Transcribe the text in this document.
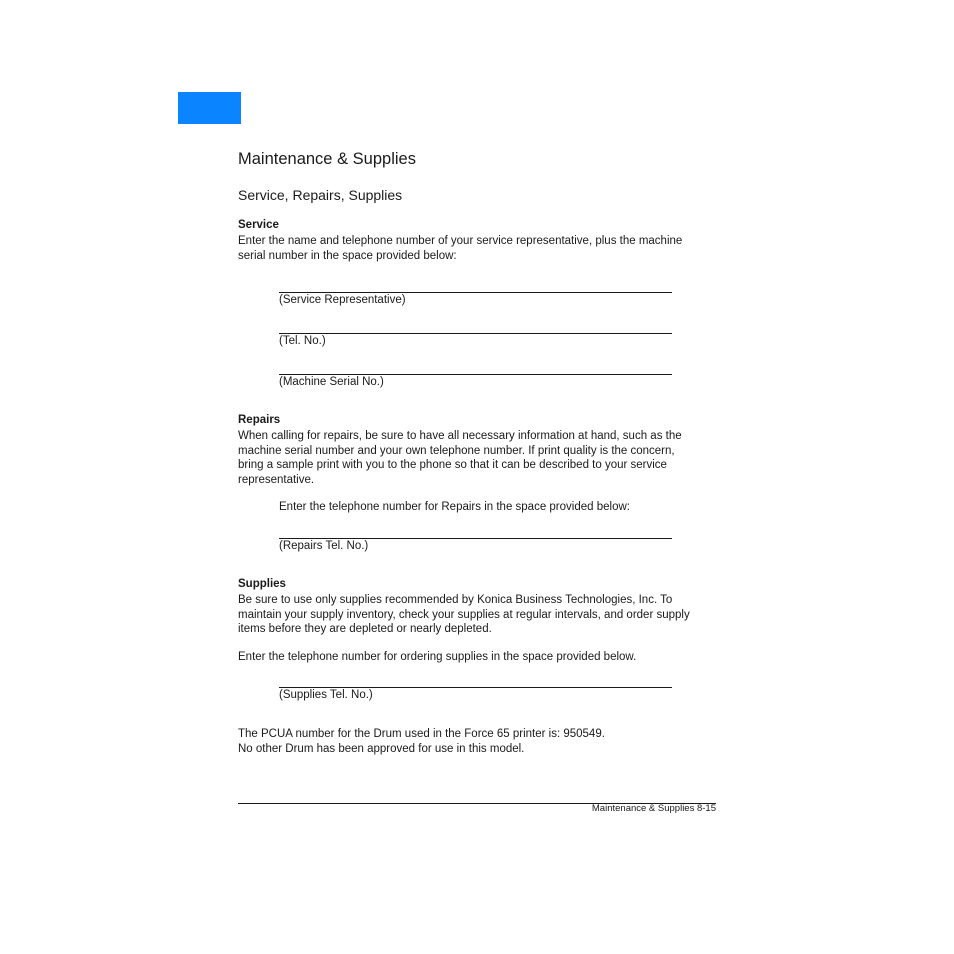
Maintenance & Supplies
Service, Repairs, Supplies
Service
Enter the name and telephone number of your service representative, plus the machine
serial number in the space provided below:

(Service Representative)

(Tel. No.)

(Machine Serial No.)

Repairs
When calling for repairs, be sure to have all necessary information at hand, such as the
machine serial number and your own telephone number. If print quality is the concern,
bring a sample print with you to the phone so that it can be described to your service
representative.

Enter the telephone number for Repairs in the space provided below:

(Repairs Tel. No.)

Supplies
Be sure to use only supplies recommended by Konica Business Technologies, Inc. To
maintain your supply inventory, check your supplies at regular intervals, and order supply
items before they are depleted or nearly depleted.

Enter the telephone number for ordering supplies in the space provided below.

(Supplies Tel. No.)

The PCUA number for the Drum used in the Force 65 printer is: 950549.

No other Drum has been approved for use in this model.

Maintenance & Supplies 8-15
